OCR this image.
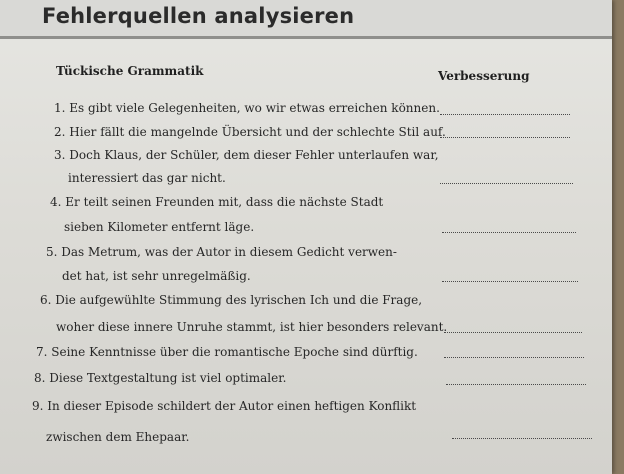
Fehlerquellen analysieren
Tückische Grammatik	Verbesserung
1. Es gibt viele Gelegenheiten, wo wir etwas erreichen können.
2. Hier fällt die mangelnde Übersicht und der schlechte Stil auf.
3. Doch Klaus, der Schüler, dem dieser Fehler unterlaufen war,
interessiert das gar nicht.
4. Er teilt seinen Freunden mit, dass die nächste Stadt
sieben Kilometer entfernt läge.
5. Das Metrum, was der Autor in diesem Gedicht verwen-
det hat, ist sehr unregelmäßig.
6. Die aufgewühlte Stimmung des lyrischen Ich und die Frage,
woher diese innere Unruhe stammt, ist hier besonders relevant.
7. Seine Kenntnisse über die romantische Epoche sind dürftig.
8. Diese Textgestaltung ist viel optimaler.
9. In dieser Episode schildert der Autor einen heftigen Konflikt
zwischen dem Ehepaar.
